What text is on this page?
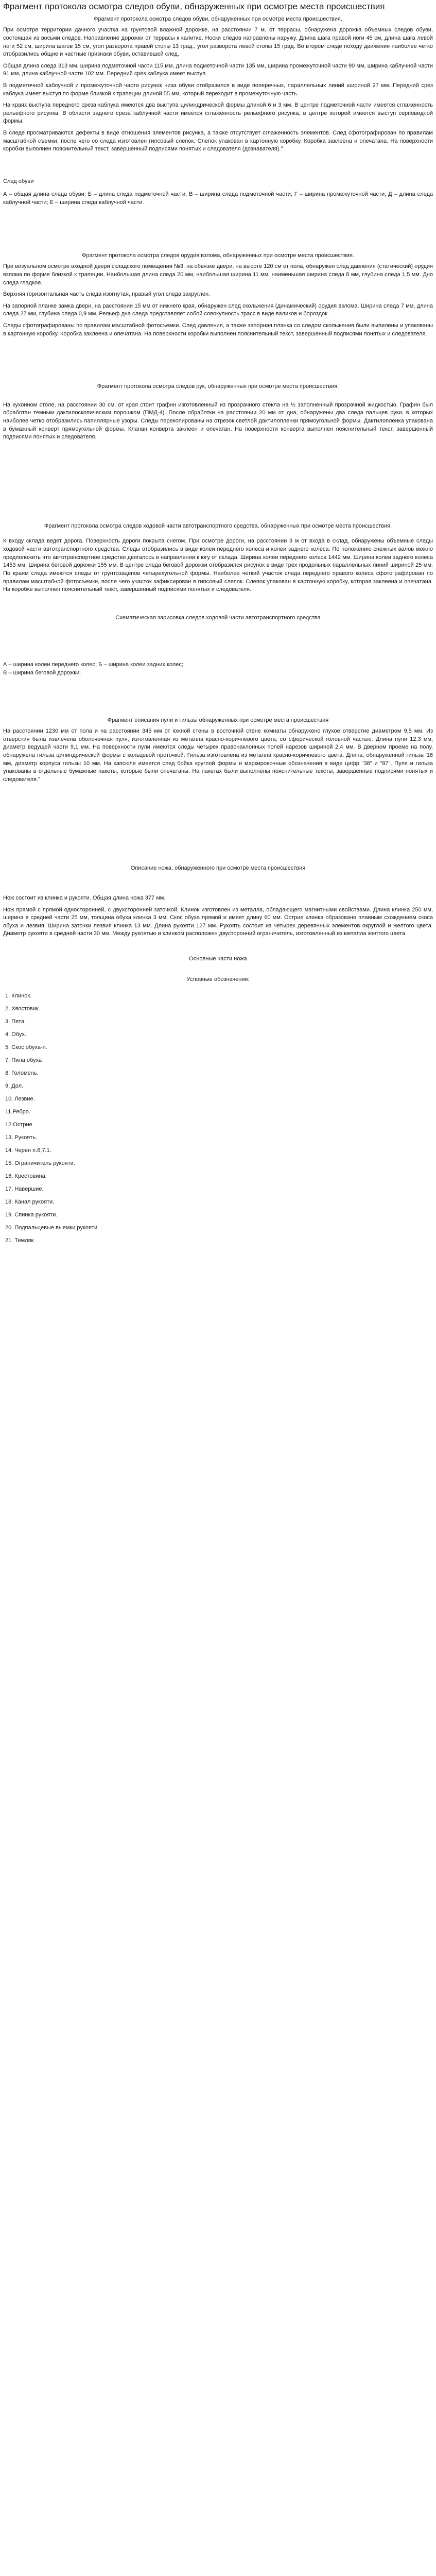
Фрагмент протокола осмотра следов обуви, обнаруженных при осмотре места происшествия
Фрагмент протокола осмотра следов обуви, обнаруженных при осмотре места происшествия.

При осмотре территории дачного участка на грунтовой влажной дорожке, на расстоянии 7 м. от террасы, обнаружена дорожка объемных следов обуви, состоящая из восьми следов. Направление дорожки от террасы к калитке. Носки следов направлены наружу. Длина шага правой ноги 45 см, длина шага левой ноги 52 см, ширина шагов 15 см, угол разворота правой стопы 13 град., угол разворота левой стопы 15 град. Во втором следе походу движения наиболее четко отобразились общие и частные признаки обуви, оставившей след.

Общая длина следа 313 мм, ширина подметочной части 115 мм, длина подметочной части 135 мм, ширина промежуточной части 90 мм, ширина каблучной части 91 мм, длина каблучной части 102 мм. Передний срез каблука имеет выступ.

В подметочной каблучной и промежуточной части рисунок низа обуви отобразился в виде поперечных, параллельных линий шириной 27 мм. Передний срез каблука имеет выступ по форме близкой к трапеции длиной 55 мм, который переходит в промежуточную часть.

На краях выступа переднего среза каблука имеются два выступа цилиндрической формы длиной 6 и 3 мм. В центре подметочной части имеется сглаженность рельефного рисунка. В области заднего среза каблучной части имеется сглаженность рельефного рисунка, в центре которой имеется выступ серповидной формы.

В следе просматриваются дефекты в виде отношения элементов рисунка, а также отсутствует сглаженность элементов. След сфотографирован по правилам масштабной съемки, после чего со следа изготовлен гипсовый слепок. Слепок упакован в картонную коробку. Коробка заклеена и опечатана. На поверхности коробки выполнен пояснительный текст, завершенный подписями понятых и следователя (дознавателя)."

След обуви

А – общая длина следа обуви; Б – длина следа подметочной части; В – ширина следа подметочной части; Г – ширина промежуточной части; Д – длина следа каблучной части; Е – ширина следа каблучной части.

Фрагмент протокола осмотра следов орудия взлома, обнаруженных при осмотре места происшествия.

При визуальном осмотре входной двери складского помещения №3, на обвязке двери, на высоте 120 см от пола, обнаружен след давления (статический) орудия взлома по форме близкой к трапеции. Наибольшая длина следа 20 мм, наибольшая ширина 11 мм, наименьшая ширина следа 8 мм, глубина следа 1,5 мм. Дно следа гладкое.

Верхняя горизонтальная часть следа изогнутая, правый угол следа закруглен.

На запорной планке замка двери, на расстоянии 15 мм от нижнего края, обнаружен след скольжения (динамический) орудия взлома. Ширина следа 7 мм, длина следа 27 мм, глубина следа 0,9 мм. Рельеф дна следа представляет собой совокупность трасс в виде валиков и бороздок.

Следы сфотографированы по правилам масштабной фотосъемки. След давления, а также запорная планка со следом скольжения были выпилены и упакованы в картонную коробку. Коробка заклеена и опечатана. На поверхности коробки выполнен пояснительный текст, завершенный подписями понятых и следователя.

Фрагмент протокола осмотра следов рук, обнаруженных при осмотре места происшествия.

На кухонном столе, на расстоянии 30 см. от края стоит графин изготовленный из прозрачного стекла на ½ заполненный прозрачной жидкостью. Графин был обработан темным дактилоскопическим порошком (ПМД-4). После обработки на расстоянии 20 мм от дна, обнаружены два следа пальцев руки, в которых наиболее четко отобразились папиллярные узоры. Следы перекопированы на отрезок светлой дактилопленки прямоугольной формы. Дактилопленка упакована в бумажный конверт прямоугольной формы. Клапан конверта заклеен и опечатан. На поверхности конверта выполнен пояснительный текст, завершенный подписями понятых и следователя.

Фрагмент протокола осмотра следов ходовой части автотранспортного средства, обнаруженных при осмотре места происшествия.

К входу склада ведет дорога. Поверхность дороги покрыта снегом. При осмотре дороги, на расстоянии 3 м от входа в склад, обнаружены объемные следы ходовой части автотранспортного средства. Следы отобразились в виде колеи переднего колеса и колеи заднего колеса. По положению снежных валов можно предположить что автотранспортное средство двигалось в направлении к югу от склада. Ширина колеи переднего колеса 1442 мм. Ширина колеи заднего колеса 1453 мм. Ширина беговой дорожки 155 мм. В центре следа беговой дорожки отобразился рисунок в виде трех продольных параллельных линий шириной 25 мм. По краям следа имеются следы от грунтозацепов четырехугольной формы. Наиболее четкий участок следа переднего правого колеса сфотографирован по правилам масштабной фотосъемки, после чего участок зафиксирован в гипсовый слепок. Слепок упакован в картонную коробку, которая заклеена и опечатана. На коробке выполнен пояснительный текст, завершенный подписями понятых и следователя.

Схематическая зарисовка следов ходовой части автотранспортного средства

А – ширина колеи переднего колес; Б – ширина колеи задних колес;

В – ширина беговой дорожки.

Фрагмент описания пули и гильзы обнаруженных при осмотре места происшествия

На расстоянии 1230 мм от пола и на расстоянии 345 мм от южной стены в восточной стене комнаты обнаружено глухое отверстие диаметром 9,5 мм. Из отверстия была извлечена оболочечная пуля, изготовленная из металла красно-коричневого цвета, со сферической головной частью. Длина пули 12.3 мм, диаметр ведущей части 9,1 мм. На поверхности пули имеются следы четырех правонаклонных полей нарезов шириной 2,4 мм. В дверном проеме на полу, обнаружена гильза цилиндрической формы с кольцевой проточкой. Гильза изготовлена из металла красно-коричневого цвета. Длина, обнаруженной гильзы 18 мм, диаметр корпуса гильзы 10 мм. На капсюле имеется след бойка круглой формы и маркировочные обозначения в виде цифр "38" и "87". Пуля и гильза упакованы в отдельные бумажные пакеты, которые были опечатаны. На пакетах были выполнены пояснительные тексты, завершенные подписями понятых и следователя."

Описание ножа, обнаруженного при осмотре места происшествия

Нож состоит из клинка и рукояти. Общая длина ножа 377 мм.

Нож прямой с прямой односторонней, с двухсторонней заточкой. Клинок изготовлен из металла, обладающего магнитными свойствами. Длина клинка 250 мм, ширина в средней части 25 мм, толщина обуха клинка 3 мм. Скос обуха прямой и имеет длину 60 мм. Острие клинка образовано плавным схождением скоса обуха и лезвия. Ширина заточки лезвия клинка 13 мм. Длина рукояти 127 мм. Рукоять состоит из четырех деревянных элементов округлой и желтого цвета. Диаметр рукояти в средней части 30 мм. Между рукоятью и клинком расположен двусторонний ограничитель, изготовленный из металла желтого цвета.

Основные части ножа
Условные обозначения:
1. Клинок.
2. Хвостовик.
3. Пята.
4. Обух.
5. Скос обуха-п.
7. Пила обуха
8. Голомень.
9. Дол.
10. Лезвие.
11.Ребро.
12.Острие
13. Рукоять.
14. Черен п.6,7.1.
15. Ограничитель рукояти.
16. Крестовина.
17. Навершие.
18. Канал рукояти.
19. Спинка рукояти.
20. Подпальцевые выемки рукояти
21. Темляк.
